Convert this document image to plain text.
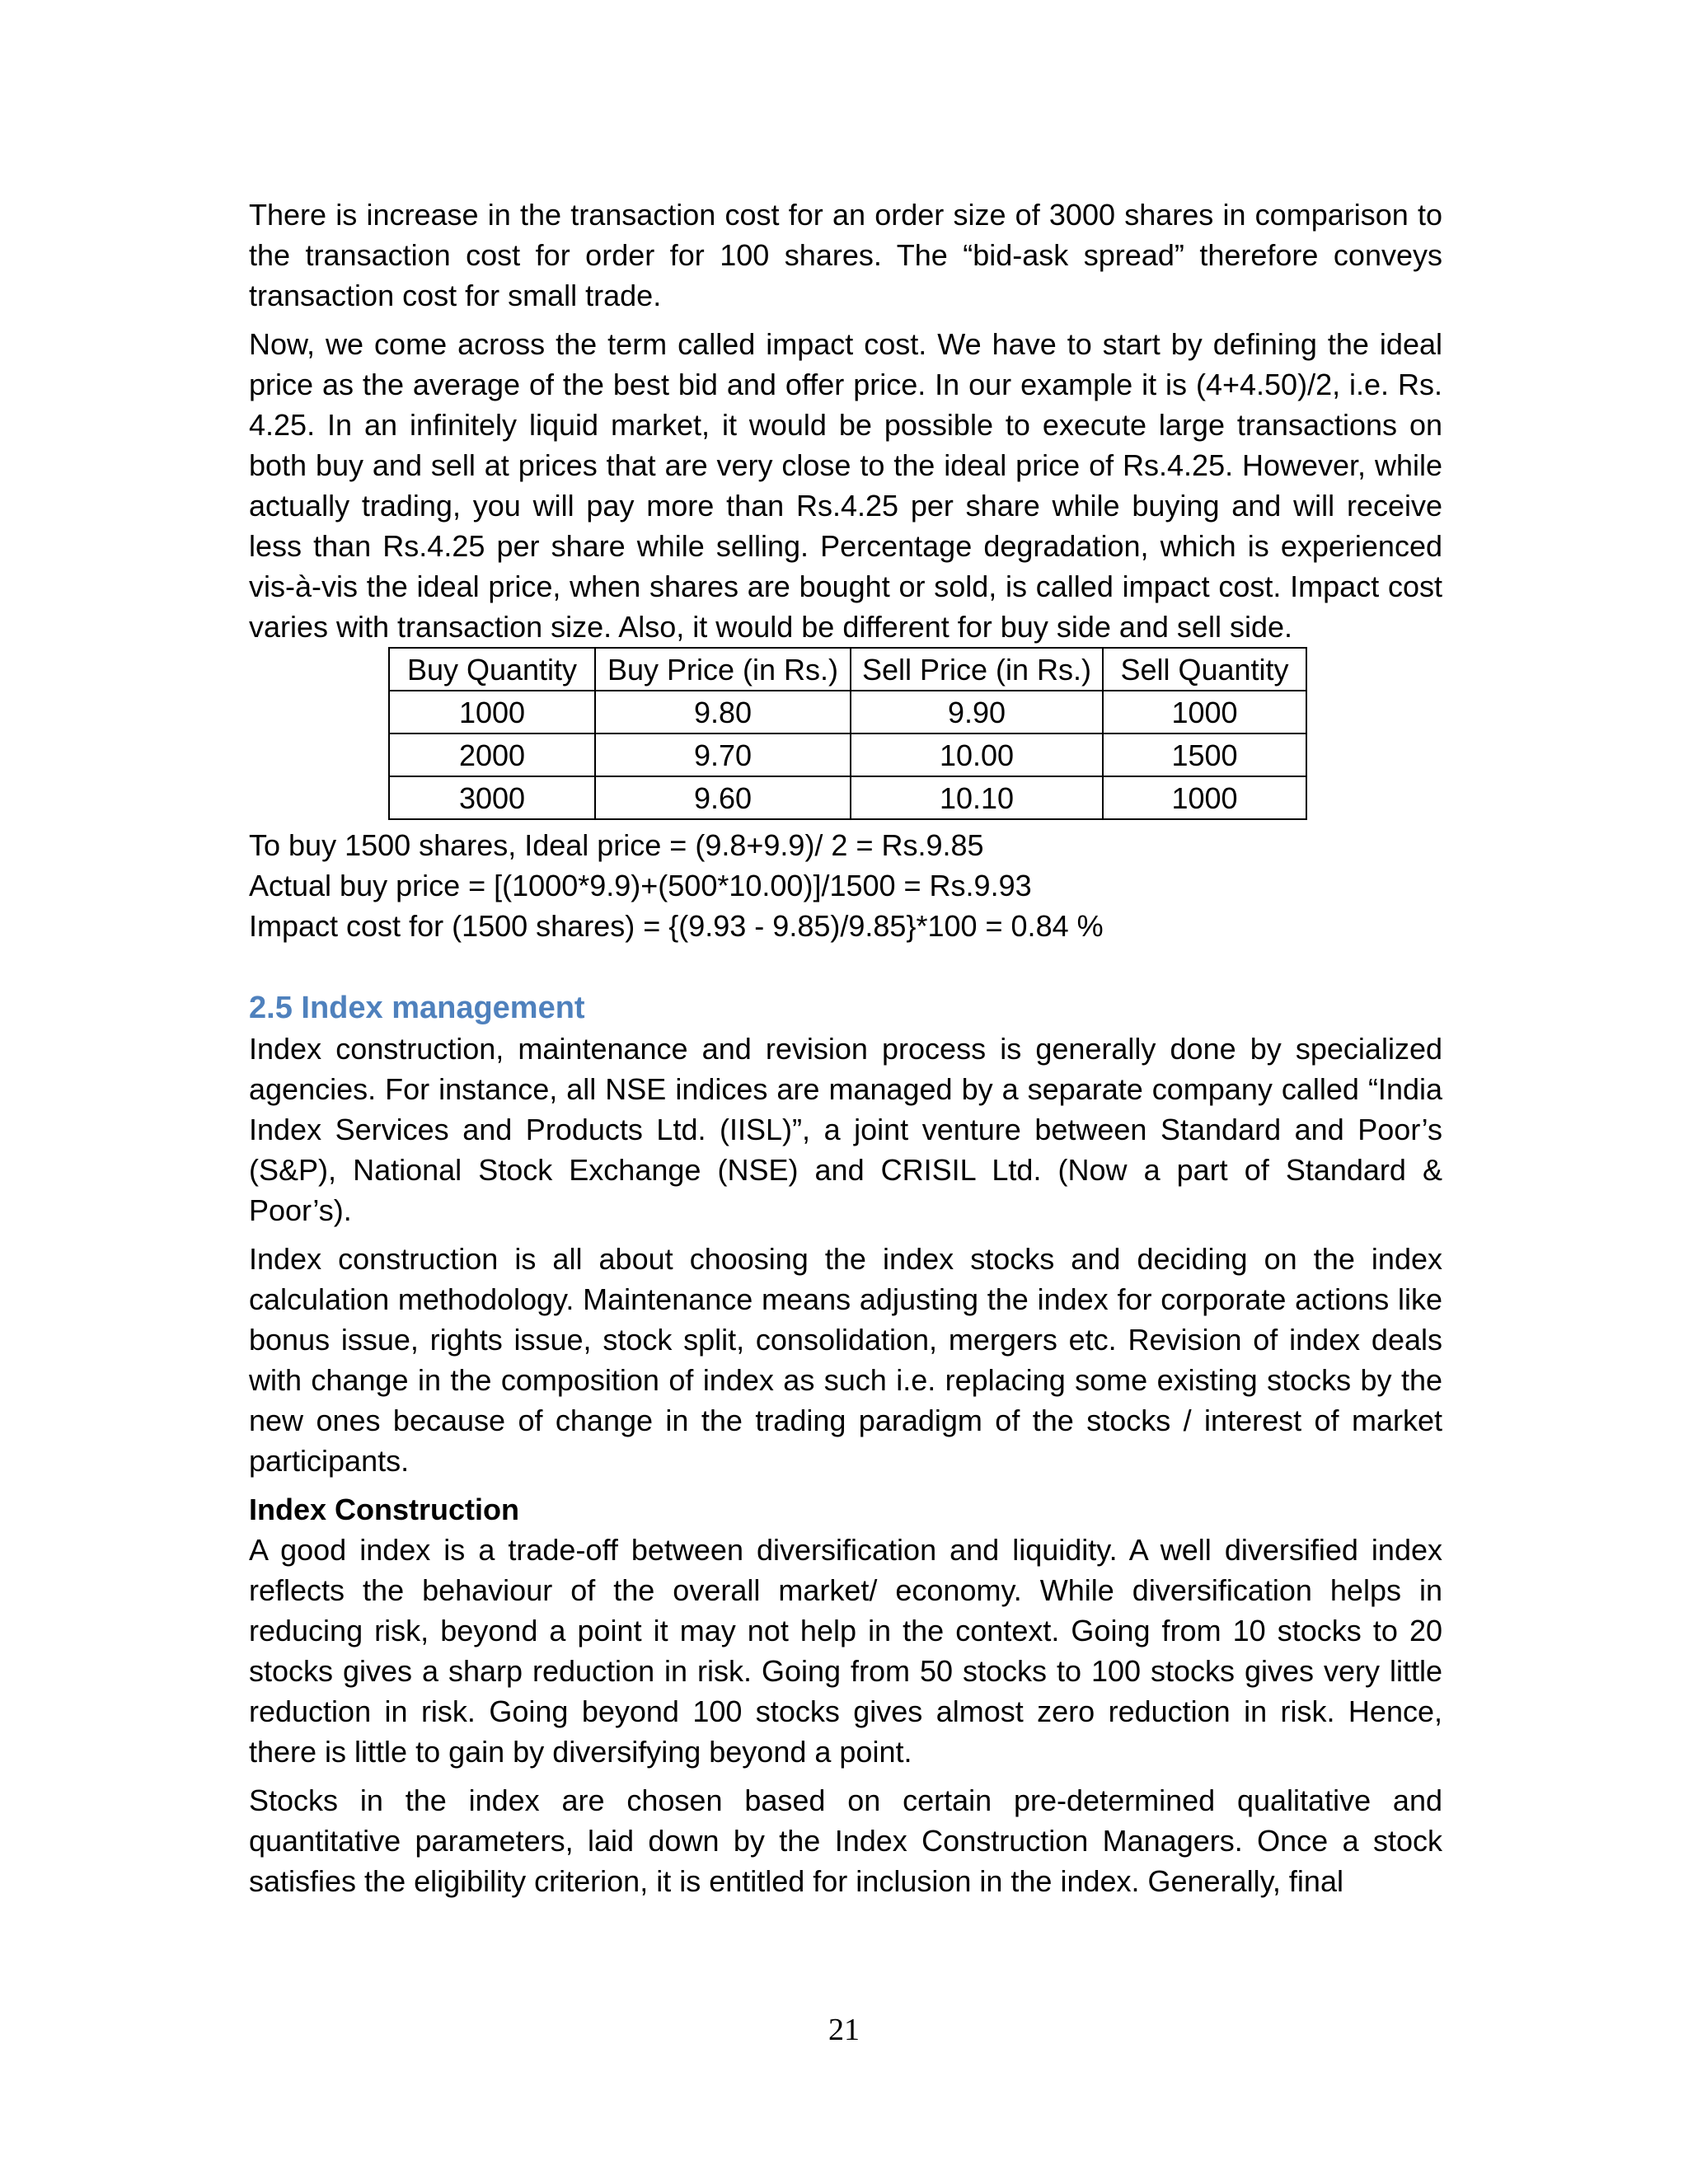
There is increase in the transaction cost for an order size of 3000 shares in comparison to the transaction cost for order for 100 shares. The “bid-ask spread” therefore conveys transaction cost for small trade.

Now, we come across the term called impact cost. We have to start by defining the ideal price as the average of the best bid and offer price. In our example it is (4+4.50)/2, i.e. Rs. 4.25. In an infinitely liquid market, it would be possible to execute large transactions on both buy and sell at prices that are very close to the ideal price of Rs.4.25. However, while actually trading, you will pay more than Rs.4.25 per share while buying and will receive less than Rs.4.25 per share while selling. Percentage degradation, which is experienced vis-à-vis the ideal price, when shares are bought or sold, is called impact cost. Impact cost varies with transaction size. Also, it would be different for buy side and sell side.

Buy Quantity	Buy Price (in Rs.)	Sell Price (in Rs.)	Sell Quantity
1000	9.80	9.90	1000
2000	9.70	10.00	1500
3000	9.60	10.10	1000

To buy 1500 shares, Ideal price = (9.8+9.9)/ 2 = Rs.9.85

Actual buy price = [(1000*9.9)+(500*10.00)]/1500 = Rs.9.93

Impact cost for (1500 shares) = {(9.93 - 9.85)/9.85}*100 = 0.84 %

2.5 Index management

Index construction, maintenance and revision process is generally done by specialized agencies. For instance, all NSE indices are managed by a separate company called “India Index Services and Products Ltd. (IISL)”, a joint venture between Standard and Poor’s (S&P), National Stock Exchange (NSE) and CRISIL Ltd. (Now a part of Standard & Poor’s).

Index construction is all about choosing the index stocks and deciding on the index calculation methodology. Maintenance means adjusting the index for corporate actions like bonus issue, rights issue, stock split, consolidation, mergers etc. Revision of index deals with change in the composition of index as such i.e. replacing some existing stocks by the new ones because of change in the trading paradigm of the stocks / interest of market participants.

Index Construction

A good index is a trade-off between diversification and liquidity. A well diversified index reflects the behaviour of the overall market/ economy. While diversification helps in reducing risk, beyond a point it may not help in the context. Going from 10 stocks to 20 stocks gives a sharp reduction in risk. Going from 50 stocks to 100 stocks gives very little reduction in risk. Going beyond 100 stocks gives almost zero reduction in risk. Hence, there is little to gain by diversifying beyond a point.

Stocks in the index are chosen based on certain pre-determined qualitative and quantitative parameters, laid down by the Index Construction Managers. Once a stock satisfies the eligibility criterion, it is entitled for inclusion in the index. Generally, final

21
